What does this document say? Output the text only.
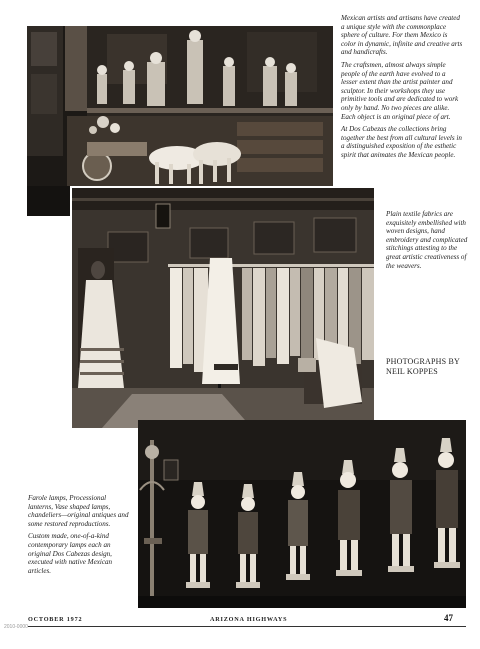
Mexican artists and artisans have created a unique style with the commonplace sphere of culture. For them Mexico is color in dynamic, infinite and creative arts and handicrafts.

The craftsmen, almost always simple people of the earth have evolved to a lesser extent than the artist painter and sculptor. In their workshops they use primitive tools and are dedicated to work only by hand. No two pieces are alike. Each object is an original piece of art.

At Dos Cabezas the collections bring together the best from all cultural levels in a distinguished exposition of the esthetic spirit that animates the Mexican people.

Plain textile fabrics are exquisitely embellished with woven designs, hand embroidery and complicated stitchings attesting to the great artistic creativeness of the weavers.

PHOTOGRAPHS BY
NEIL KOPPES

Farole lamps, Processional lanterns, Vase shaped lamps, chandeliers—original antiques and some restored reproductions.

Custom made, one-of-a-kind contemporary lamps each an original Dos Cabezas design, executed with native Mexican articles.

OCTOBER 1972	ARIZONA HIGHWAYS	47
2010-0000
